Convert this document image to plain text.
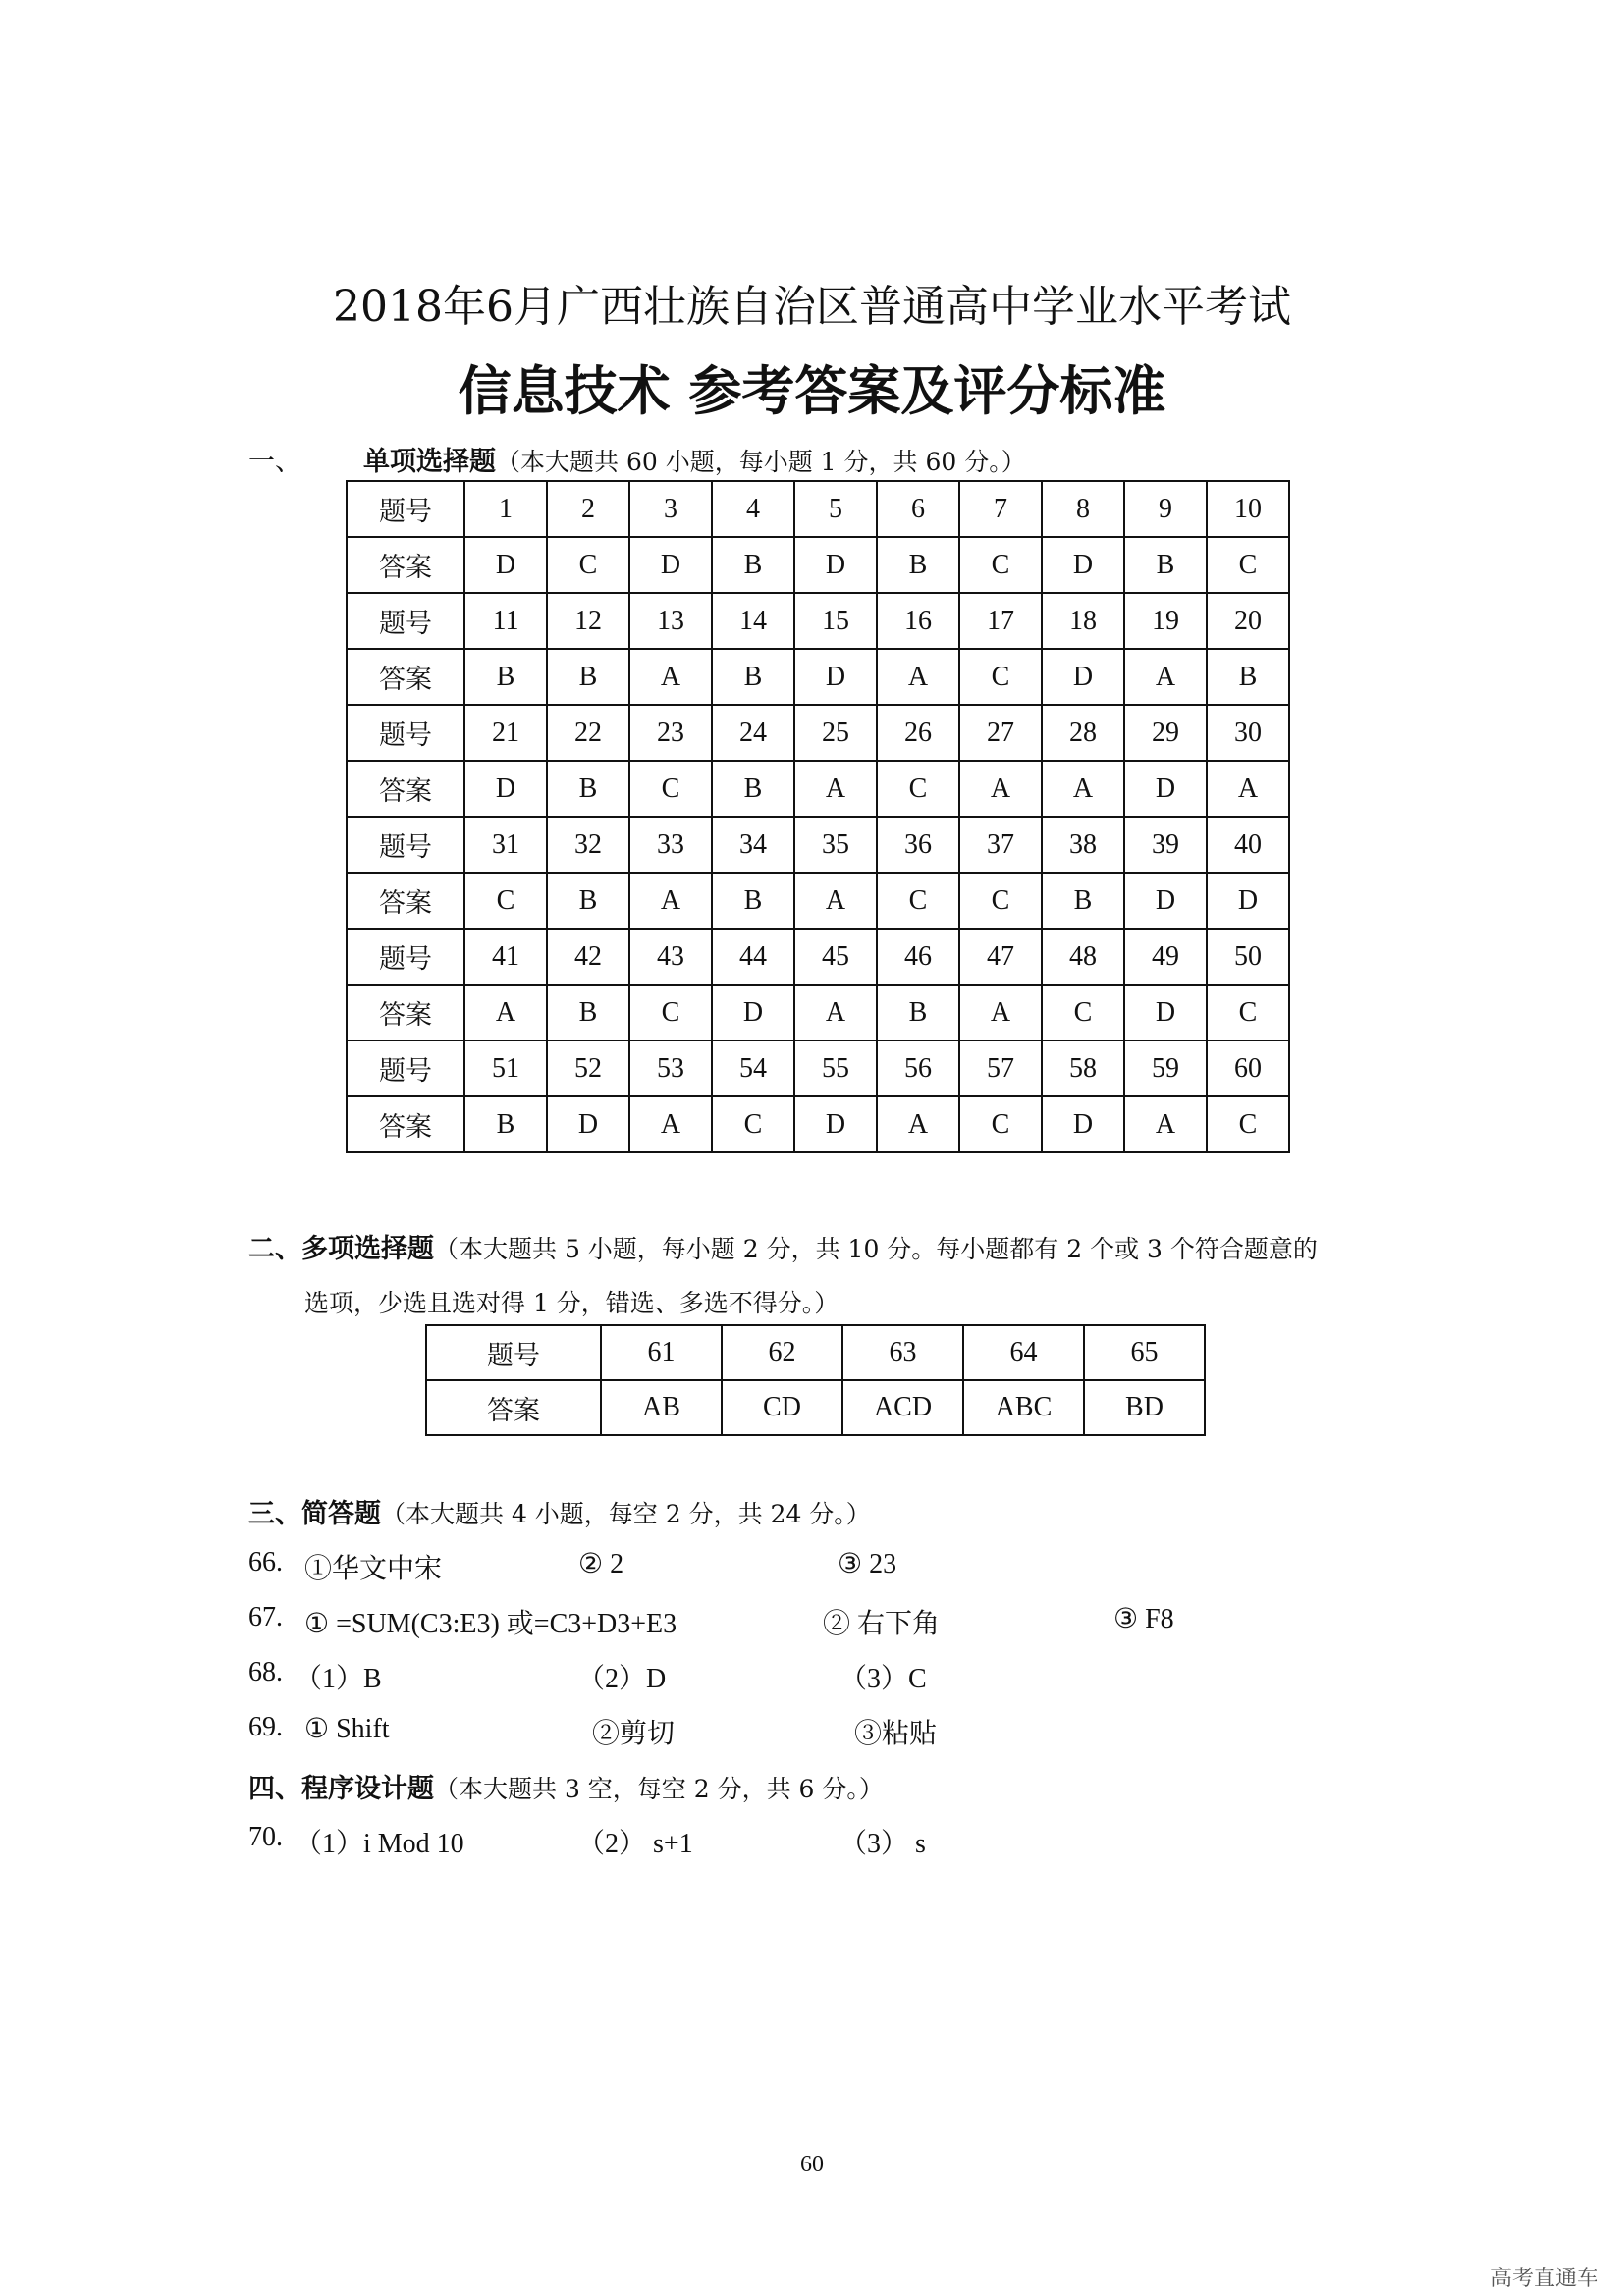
2018年6月广西壮族自治区普通高中学业水平考试
信息技术 参考答案及评分标准
一、 单项选择题（本大题共 60 小题，每小题 1 分，共 60 分。）
题号	1	2	3	4	5	6	7	8	9	10
答案	D	C	D	B	D	B	C	D	B	C
题号	11	12	13	14	15	16	17	18	19	20
答案	B	B	A	B	D	A	C	D	A	B
题号	21	22	23	24	25	26	27	28	29	30
答案	D	B	C	B	A	C	A	A	D	A
题号	31	32	33	34	35	36	37	38	39	40
答案	C	B	A	B	A	C	C	B	D	D
题号	41	42	43	44	45	46	47	48	49	50
答案	A	B	C	D	A	B	A	C	D	C
题号	51	52	53	54	55	56	57	58	59	60
答案	B	D	A	C	D	A	C	D	A	C
二、多项选择题（本大题共 5 小题，每小题 2 分，共 10 分。每小题都有 2 个或 3 个符合题意的
选项，少选且选对得 1 分，错选、多选不得分。）
题号	61	62	63	64	65
答案	AB	CD	ACD	ABC	BD
三、简答题（本大题共 4 小题，每空 2 分，共 24 分。）
66. ①华文中宋	② 2	③ 23
67. ① =SUM(C3:E3) 或=C3+D3+E3	② 右下角	③ F8
68. （1）B	（2）D	（3）C
69. ① Shift	②剪切	③粘贴
四、程序设计题（本大题共 3 空，每空 2 分，共 6 分。）
70. （1）i Mod 10	（2） s+1	（3） s
60
高考直通车
